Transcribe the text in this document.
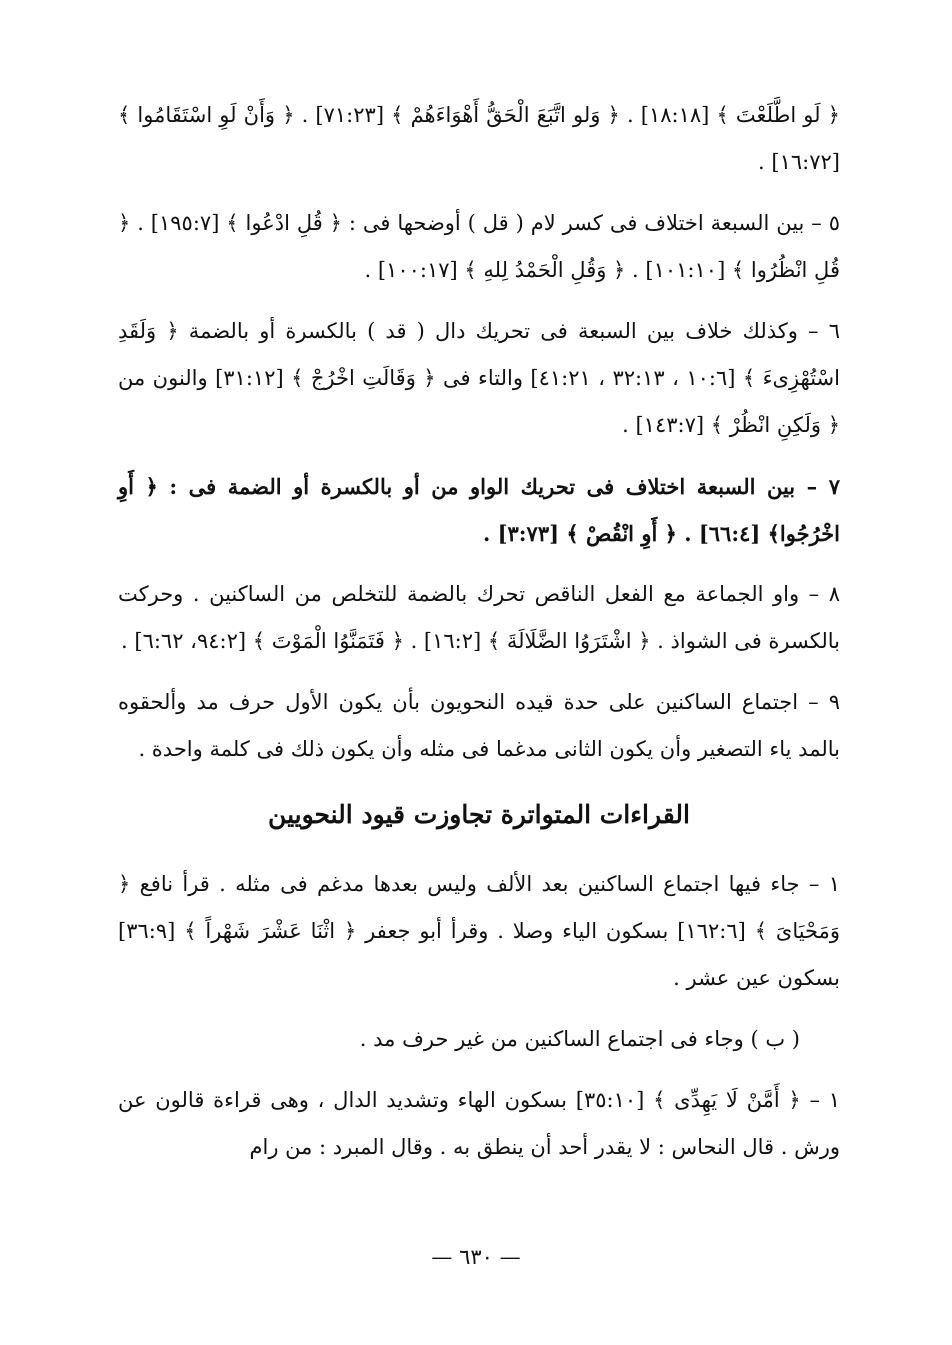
﴿ لَو اطَّلَعْتَ ﴾ [١٨:١٨] . ﴿ وَلو اتَّبَعَ الْحَقُّ أَهْوَاءَهُمْ ﴾ [٧١:٢٣] . ﴿ وَأَنْ لَوِ اسْتَقَامُوا ﴾ [١٦:٧٢] .

٥ – بين السبعة اختلاف فى كسر لام ( قل ) أوضحها فى : ﴿ قُلِ ادْعُوا ﴾ [١٩٥:٧] . ﴿ قُلِ انْظُرُوا ﴾ [١٠١:١٠] . ﴿ وَقُلِ الْحَمْدُ لِلهِ ﴾ [١٠٠:١٧] .

٦ – وكذلك خلاف بين السبعة فى تحريك دال ( قد ) بالكسرة أو بالضمة ﴿ وَلَقَدِ اسْتُهْزِىءَ ﴾ [١٠:٦ ، ٣٢:١٣ ، ٤١:٢١] والتاء فى ﴿ وَقَالَتِ اخْرُجْ ﴾ [٣١:١٢] والنون من ﴿ وَلَكِنِ انْظُرْ ﴾ [١٤٣:٧] .

٧ – بين السبعة اختلاف فى تحريك الواو من أو بالكسرة أو الضمة فى : ﴿ أَوِ اخْرُجُوا﴾ [٦٦:٤] . ﴿ أَوِ انْقُصْ ﴾ [٣:٧٣] .

٨ – واو الجماعة مع الفعل الناقص تحرك بالضمة للتخلص من الساكنين . وحركت بالكسرة فى الشواذ . ﴿ اشْتَرَوُا الضَّلَالَةَ ﴾ [١٦:٢] . ﴿ فَتَمَنَّوُا الْمَوْتَ ﴾ [٩٤:٢، ٦:٦٢] .

٩ – اجتماع الساكنين على حدة قيده النحويون بأن يكون الأول حرف مد وألحقوه بالمد ياء التصغير وأن يكون الثانى مدغما فى مثله وأن يكون ذلك فى كلمة واحدة .

القراءات المتواترة تجاوزت قيود النحويين

١ – جاء فيها اجتماع الساكنين بعد الألف وليس بعدها مدغم فى مثله . قرأ نافع ﴿ وَمَحْيَاىَ ﴾ [١٦٢:٦] بسكون الياء وصلا . وقرأ أبو جعفر ﴿ اثْنَا عَشْرَ شَهْراً ﴾ [٣٦:٩] بسكون عين عشر .

( ب ) وجاء فى اجتماع الساكنين من غير حرف مد .

١ – ﴿ أَمَّنْ لَا يَهِدِّى ﴾ [٣٥:١٠] بسكون الهاء وتشديد الدال ، وهى قراءة قالون عن ورش . قال النحاس : لا يقدر أحد أن ينطق به . وقال المبرد : من رام

— ٦٣٠ —
